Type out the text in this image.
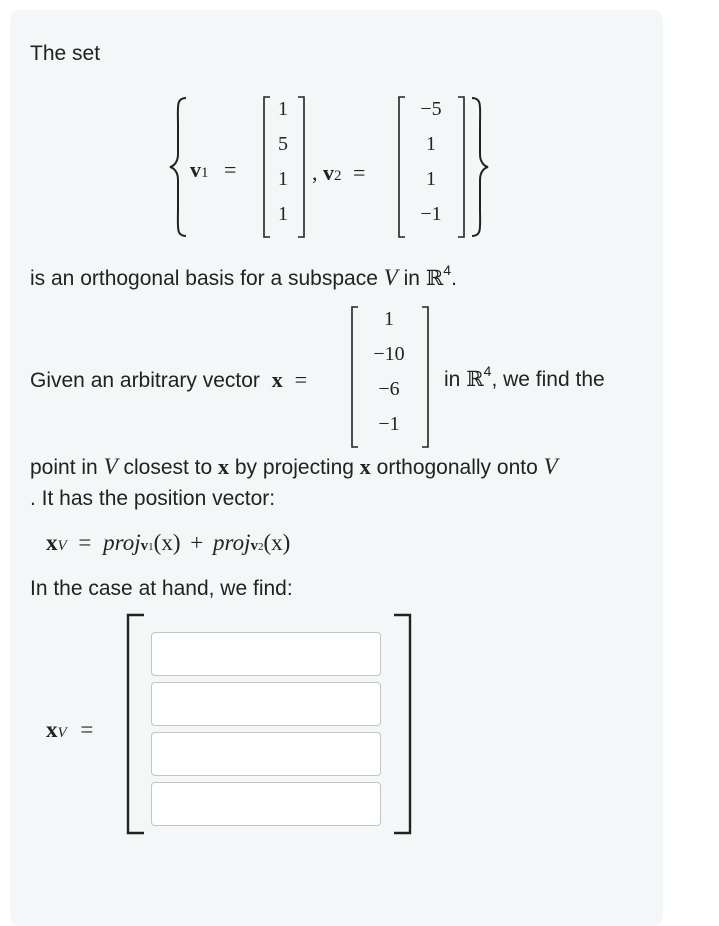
The set
v1 =
1
5
1
1
, v2 =
−5
1
1
−1
is an orthogonal basis for a subspace V in ℝ$^4$.
Given an arbitrary vector x =
1
−10
−6
−1
in ℝ$^4$, we find the
point in V closest to x by projecting x orthogonally onto V
. It has the position vector:
xV = projv1(x) + projv2(x)
In the case at hand, we find:
xV =
